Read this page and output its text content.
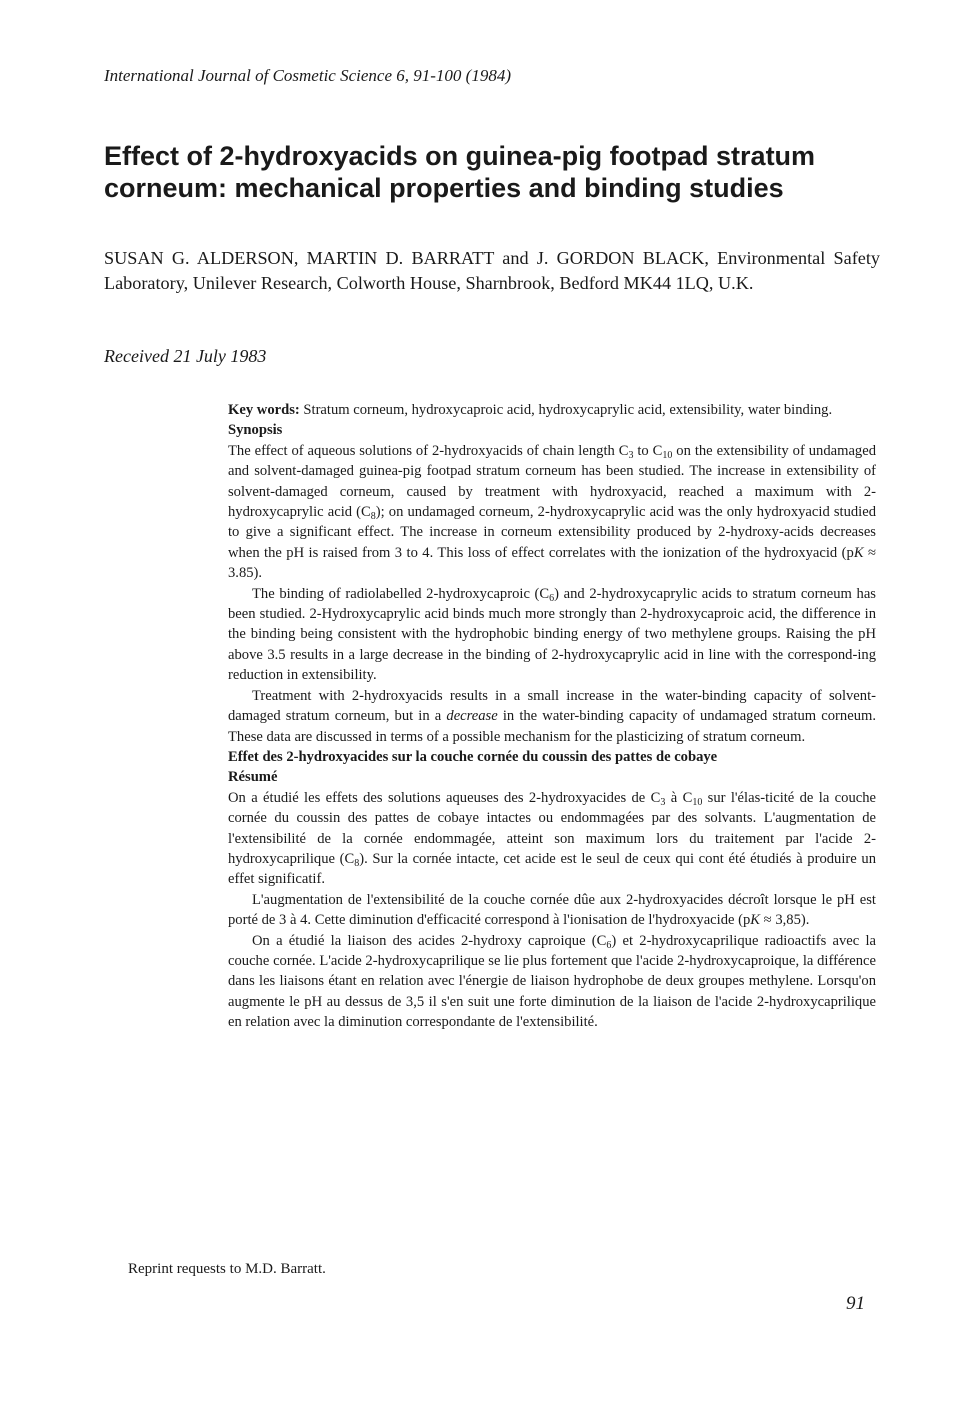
International Journal of Cosmetic Science 6, 91-100 (1984)
Effect of 2-hydroxyacids on guinea-pig footpad stratum corneum: mechanical properties and binding studies

SUSAN G. ALDERSON, MARTIN D. BARRATT and J. GORDON BLACK, Environmental Safety Laboratory, Unilever Research, Colworth House, Sharnbrook, Bedford MK44 1LQ, U.K.

Received 21 July 1983

Key words: Stratum corneum, hydroxycaproic acid, hydroxycaprylic acid, extensibility, water binding.

Synopsis

The effect of aqueous solutions of 2-hydroxyacids of chain length $C_3$ to $C_{10}$ on the extensibility of undamaged and solvent-damaged guinea-pig footpad stratum corneum has been studied. The increase in extensibility of solvent-damaged corneum, caused by treatment with hydroxyacid, reached a maximum with 2-hydroxycaprylic acid $(C_8)$; on undamaged corneum, 2-hydroxycaprylic acid was the only hydroxyacid studied to give a significant effect. The increase in corneum extensibility produced by 2-hydroxy-acids decreases when the pH is raised from 3 to 4. This loss of effect correlates with the ionization of the hydroxyacid (pK ≈ 3.85).

The binding of radiolabelled 2-hydroxycaproic $(C_6)$ and 2-hydroxycaprylic acids to stratum corneum has been studied. 2-Hydroxycaprylic acid binds much more strongly than 2-hydroxycaproic acid, the difference in the binding being consistent with the hydrophobic binding energy of two methylene groups. Raising the pH above 3.5 results in a large decrease in the binding of 2-hydroxycaprylic acid in line with the correspond-ing reduction in extensibility.

Treatment with 2-hydroxyacids results in a small increase in the water-binding capacity of solvent-damaged stratum corneum, but in a decrease in the water-binding capacity of undamaged stratum corneum. These data are discussed in terms of a possible mechanism for the plasticizing of stratum corneum.

Effet des 2-hydroxyacides sur la couche cornée du coussin des pattes de cobaye

Résumé

On a étudié les effets des solutions aqueuses des 2-hydroxyacides de $C_3$ à $C_{10}$ sur l'élas-ticité de la couche cornée du coussin des pattes de cobaye intactes ou endommagées par des solvants. L'augmentation de l'extensibilité de la cornée endommagée, atteint son maximum lors du traitement par l'acide 2-hydroxycaprilique $(C_8)$. Sur la cornée intacte, cet acide est le seul de ceux qui cont été étudiés à produire un effet significatif.

L'augmentation de l'extensibilité de la couche cornée dûe aux 2-hydroxyacides décroît lorsque le pH est porté de 3 à 4. Cette diminution d'efficacité correspond à l'ionisation de l'hydroxyacide (pK ≈ 3,85).

On a étudié la liaison des acides 2-hydroxy caproique $(C_6)$ et 2-hydroxycaprilique radioactifs avec la couche cornée. L'acide 2-hydroxycaprilique se lie plus fortement que l'acide 2-hydroxycaproique, la différence dans les liaisons étant en relation avec l'énergie de liaison hydrophobe de deux groupes methylene. Lorsqu'on augmente le pH au dessus de 3,5 il s'en suit une forte diminution de la liaison de l'acide 2-hydroxycaprilique en relation avec la diminution correspondante de l'extensibilité.

Reprint requests to M.D. Barratt.
91
